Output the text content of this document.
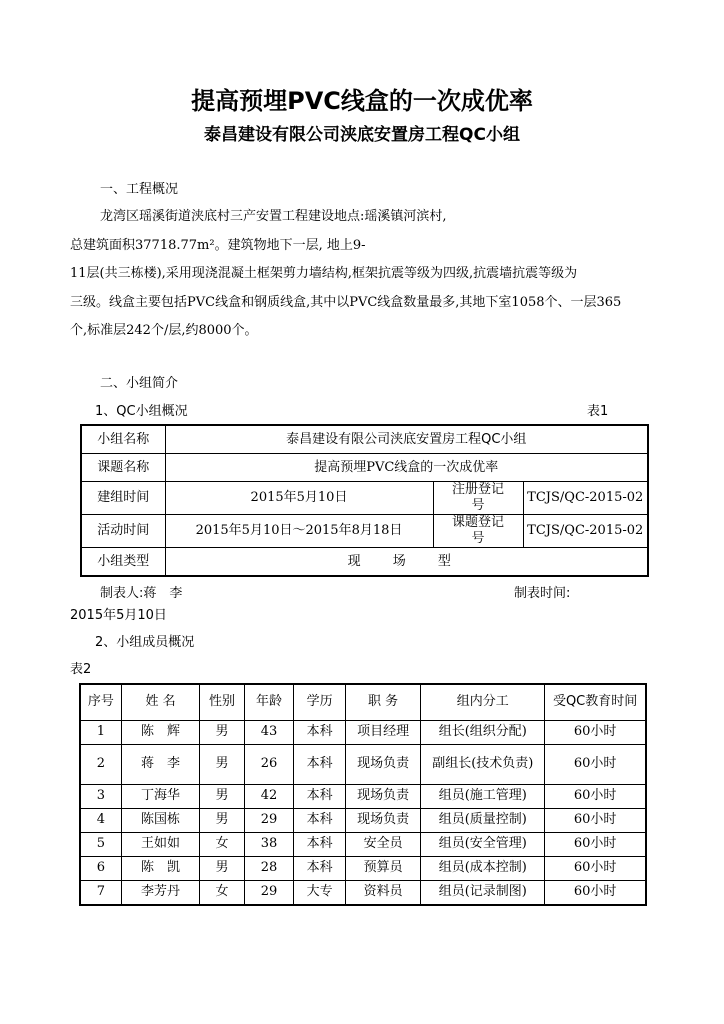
提高预埋PVC线盒的一次成优率
泰昌建设有限公司浃底安置房工程QC小组
一、工程概况
龙湾区瑶溪街道浃底村三产安置工程建设地点:瑶溪镇河滨村,
总建筑面积37718.77m²。建筑物地下一层, 地上9-
11层(共三栋楼),采用现浇混凝土框架剪力墙结构,框架抗震等级为四级,抗震墙抗震等级为
三级。线盒主要包括PVC线盒和钢质线盒,其中以PVC线盒数量最多,其地下室1058个、一层365
个,标准层242个/层,约8000个。
二、小组简介
1、QC小组概况	表1
小组名称	泰昌建设有限公司浃底安置房工程QC小组		
课题名称	提高预埋PVC线盒的一次成优率		
建组时间	2015年5月10日	注册登记号	TCJS/QC-2015-02
活动时间	2015年5月10日～2015年8月18日	课题登记号	TCJS/QC-2015-02
小组类型	现 场 型		
制表人:蒋　李	制表时间:
2015年5月10日
2、小组成员概况
表2
序号	姓 名	性别	年龄	学历	职 务	组内分工	受QC教育时间
1	陈　辉	男	43	本科	项目经理	组长(组织分配)	60小时
2	蒋　李	男	26	本科	现场负责	副组长(技术负责)	60小时
3	丁海华	男	42	本科	现场负责	组员(施工管理)	60小时
4	陈国栋	男	29	本科	现场负责	组员(质量控制)	60小时
5	王如如	女	38	本科	安全员	组员(安全管理)	60小时
6	陈　凯	男	28	本科	预算员	组员(成本控制)	60小时
7	李芳丹	女	29	大专	资料员	组员(记录制图)	60小时
